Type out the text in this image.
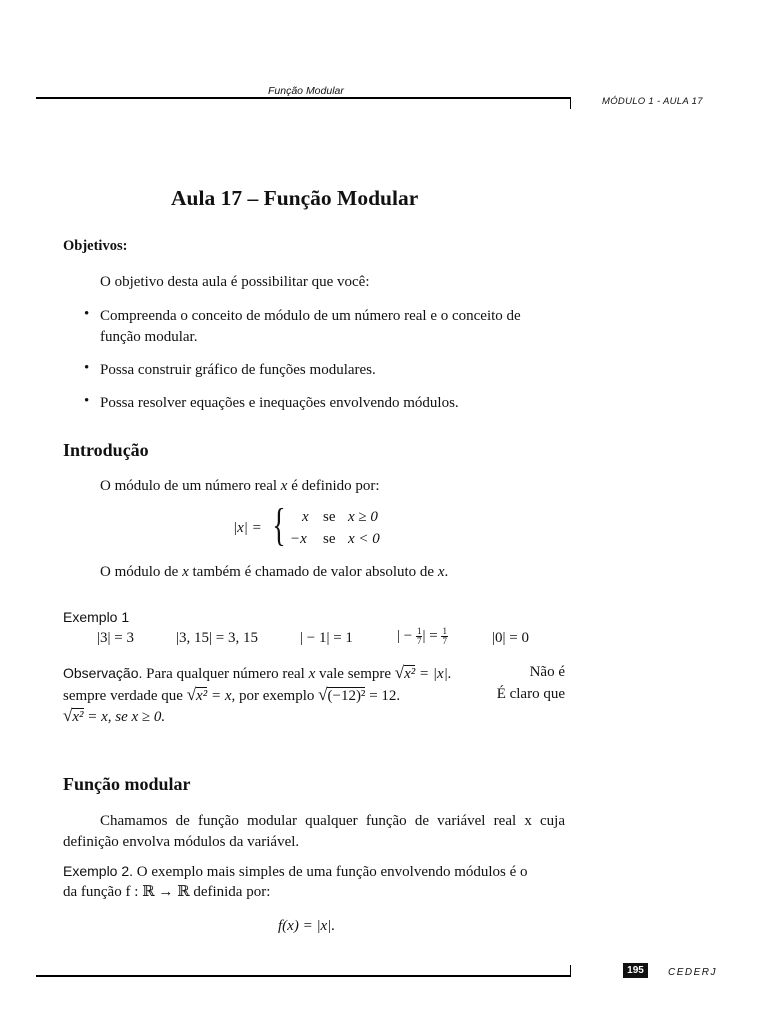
Função Modular
MÓDULO 1 - AULA 17
Aula 17 – Função Modular
Objetivos:
O objetivo desta aula é possibilitar que você:
• Compreenda o conceito de módulo de um número real e o conceito de
função modular.
• Possa construir gráfico de funções modulares.
• Possa resolver equações e inequações envolvendo módulos.
Introdução
O módulo de um número real x é definido por:
|x| = { x se x ≥ 0
−x se x < 0
O módulo de x também é chamado de valor absoluto de x.
Exemplo 1
|3| = 3	|3, 15| = 3, 15	| − 1| = 1	| − $\frac{1}{7}$ | = $\frac{1}{7}$	|0| = 0
Observação. Para qualquer número real x vale sempre √x² = |x|.	Não é
sempre verdade que √x² = x, por exemplo √(−12)² = 12.	É claro que
√x² = x, se x ≥ 0.
Função modular
Chamamos de função modular qualquer função de variável real x cuja
definição envolva módulos da variável.
Exemplo 2. O exemplo mais simples de uma função envolvendo módulos é o
da função f : ℝ → ℝ definida por:
f(x) = |x|.
195	CEDERJ
